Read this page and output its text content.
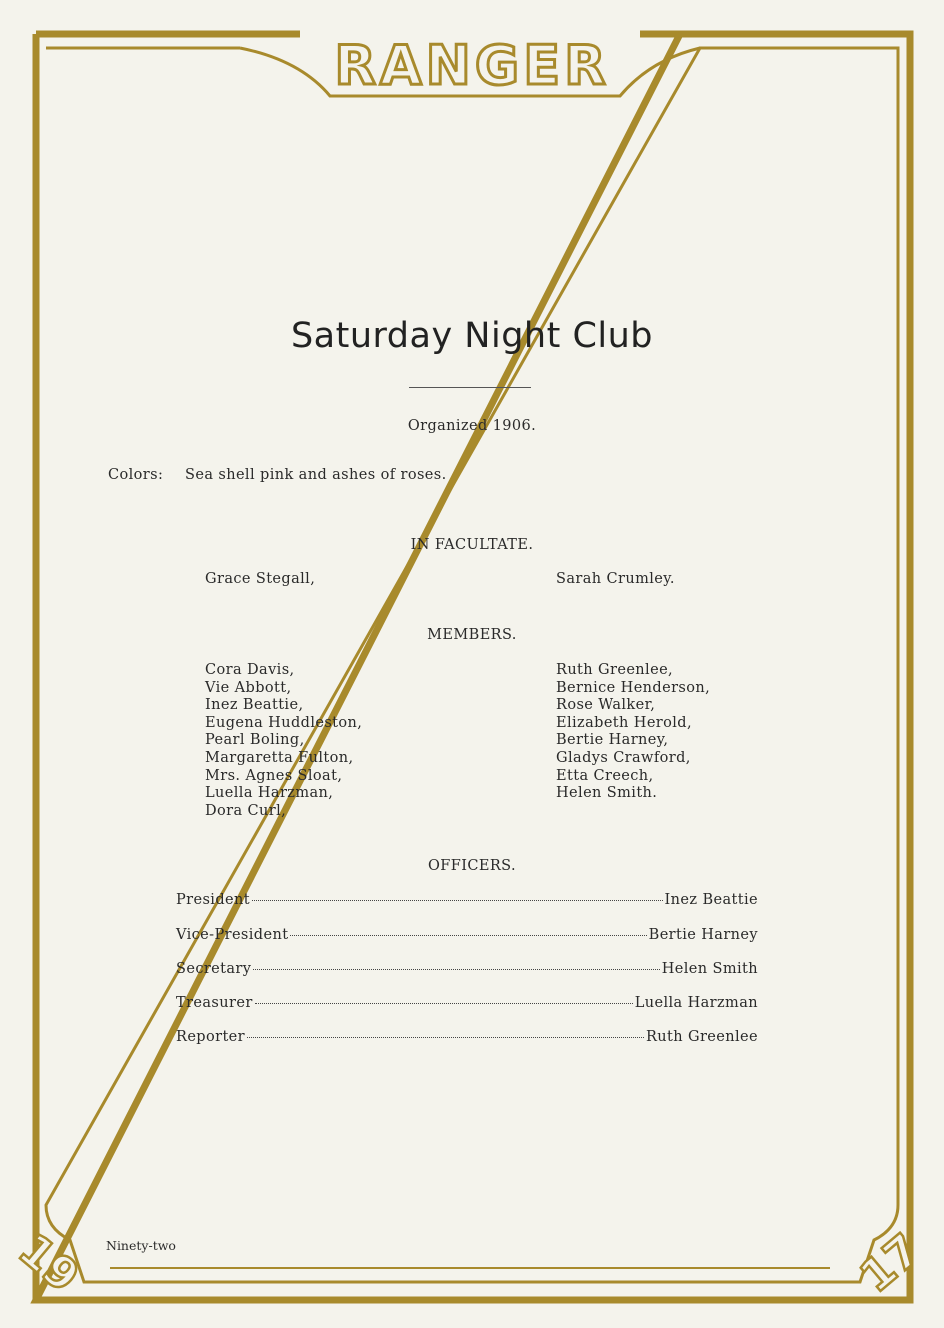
RANGER
19	17
Saturday Night Club
Organized 1906.
Colors: Sea shell pink and ashes of roses.
IN FACULTATE.
Grace Stegall,	Sarah Crumley.
MEMBERS.
Cora Davis,
Vie Abbott,
Inez Beattie,
Eugena Huddleston,
Pearl Boling,
Margaretta Fulton,
Mrs. Agnes Sloat,
Luella Harzman,
Dora Curl,
Ruth Greenlee,
Bernice Henderson,
Rose Walker,
Elizabeth Herold,
Bertie Harney,
Gladys Crawford,
Etta Creech,
Helen Smith.
OFFICERS.
President	Inez Beattie
Vice-President	Bertie Harney
Secretary	Helen Smith
Treasurer	Luella Harzman
Reporter	Ruth Greenlee
Ninety-two
